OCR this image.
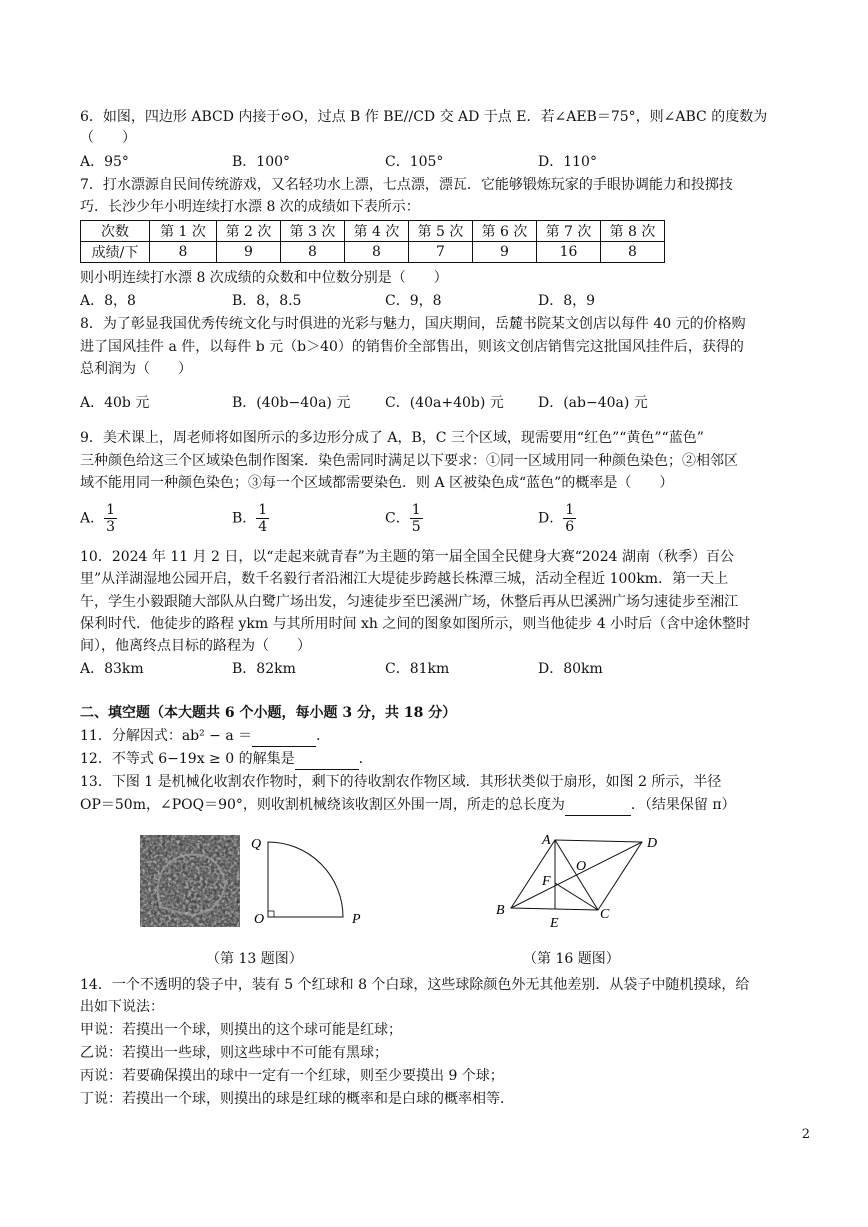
6．如图，四边形 ABCD 内接于⊙O，过点 B 作 BE//CD 交 AD 于点 E．若∠AEB＝75°，则∠ABC 的度数为
（　　）
A．95°	B．100°	C．105°	D．110°
7．打水漂源自民间传统游戏，又名轻功水上漂，七点漂，漂瓦．它能够锻炼玩家的手眼协调能力和投掷技
巧．长沙少年小明连续打水漂 8 次的成绩如下表所示：
次数	第 1 次	第 2 次	第 3 次	第 4 次	第 5 次	第 6 次	第 7 次	第 8 次
成绩/下	8	9	8	8	7	9	16	8
则小明连续打水漂 8 次成绩的众数和中位数分别是（　　）
A．8，8	B．8，8.5	C．9，8	D．8，9
8．为了彰显我国优秀传统文化与时俱进的光彩与魅力，国庆期间，岳麓书院某文创店以每件 40 元的价格购
进了国风挂件 a 件，以每件 b 元（b＞40）的销售价全部售出，则该文创店销售完这批国风挂件后，获得的
总利润为（　　）
A．40b 元	B．(40b−40a) 元 C．(40a+40b) 元 D．(ab−40a) 元
9．美术课上，周老师将如图所示的多边形分成了 A，B，C 三个区域，现需要用“红色”“黄色”“蓝色”
三种颜色给这三个区域染色制作图案．染色需同时满足以下要求：①同一区域用同一种颜色染色；②相邻区
域不能用同一种颜色染色；③每一个区域都需要染色．则 A 区被染色成“蓝色”的概率是（　　）
A． $\frac{1}{3}$	B． $\frac{1}{4}$	C． $\frac{1}{5}$	D． $\frac{1}{6}$
10．2024 年 11 月 2 日，以“走起来就青春”为主题的第一届全国全民健身大赛“2024 湖南（秋季）百公
里”从洋湖湿地公园开启，数千名毅行者沿湘江大堤徒步跨越长株潭三城，活动全程近 100km．第一天上
午，学生小毅跟随大部队从白鹭广场出发，匀速徒步至巴溪洲广场，休整后再从巴溪洲广场匀速徒步至湘江
保利时代．他徒步的路程 ykm 与其所用时间 xh 之间的图象如图所示，则当他徒步 4 小时后（含中途休整时
间），他离终点目标的路程为（　　）
A．83km	B．82km	C．81km	D．80km
二、填空题（本大题共 6 个小题，每小题 3 分，共 18 分）
11．分解因式：ab² − a ＝	．
12．不等式 6−19x ≥ 0 的解集是	．
13．下图 1 是机械化收割农作物时，剩下的待收割农作物区域．其形状类似于扇形，如图 2 所示，半径
OP＝50m，∠POQ＝90°，则收割机械绕该收割区外围一周，所走的总长度为	．（结果保留 π）
Q
O	P
（第 13 题图）
A	D
O
F
B
E
C
（第 16 题图）
14．一个不透明的袋子中，装有 5 个红球和 8 个白球，这些球除颜色外无其他差别．从袋子中随机摸球，给
出如下说法：
甲说：若摸出一个球，则摸出的这个球可能是红球；
乙说：若摸出一些球，则这些球中不可能有黑球；
丙说：若要确保摸出的球中一定有一个红球，则至少要摸出 9 个球；
丁说：若摸出一个球，则摸出的球是红球的概率和是白球的概率相等．
2
